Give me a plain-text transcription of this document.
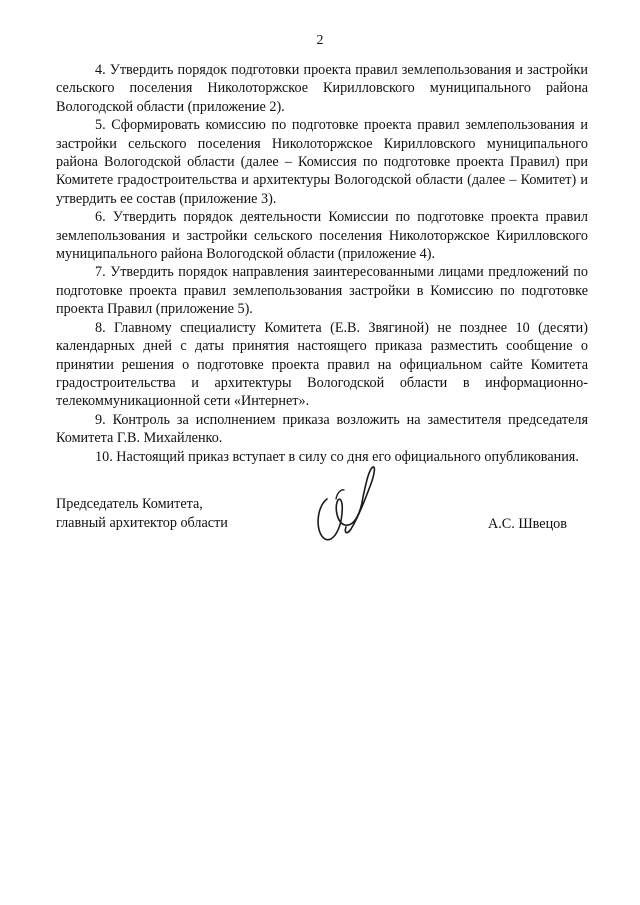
2

4. Утвердить порядок подготовки проекта правил землепользования и застройки сельского поселения Николоторжское Кирилловского муниципального района Вологодской области (приложение 2).

5. Сформировать комиссию по подготовке проекта правил землепользования и застройки сельского поселения Николоторжское Кирилловского муниципального района Вологодской области (далее – Комиссия по подготовке проекта Правил) при Комитете градостроительства и архитектуры Вологодской области (далее – Комитет) и утвердить ее состав (приложение 3).

6. Утвердить порядок деятельности Комиссии по подготовке проекта правил землепользования и застройки сельского поселения Николоторжское Кирилловского муниципального района Вологодской области (приложение 4).

7. Утвердить порядок направления заинтересованными лицами предложений по подготовке проекта правил землепользования застройки в Комиссию по подготовке проекта Правил (приложение 5).

8. Главному специалисту Комитета (Е.В. Звягиной) не позднее 10 (десяти) календарных дней с даты принятия настоящего приказа разместить сообщение о принятии решения о подготовке проекта правил на официальном сайте Комитета градостроительства и архитектуры Вологодской области в информационно-телекоммуникационной сети «Интернет».

9. Контроль за исполнением приказа возложить на заместителя председателя Комитета Г.В. Михайленко.

10. Настоящий приказ вступает в силу со дня его официального опубликования.

Председатель Комитета,
главный архитектор области	А.С. Швецов
